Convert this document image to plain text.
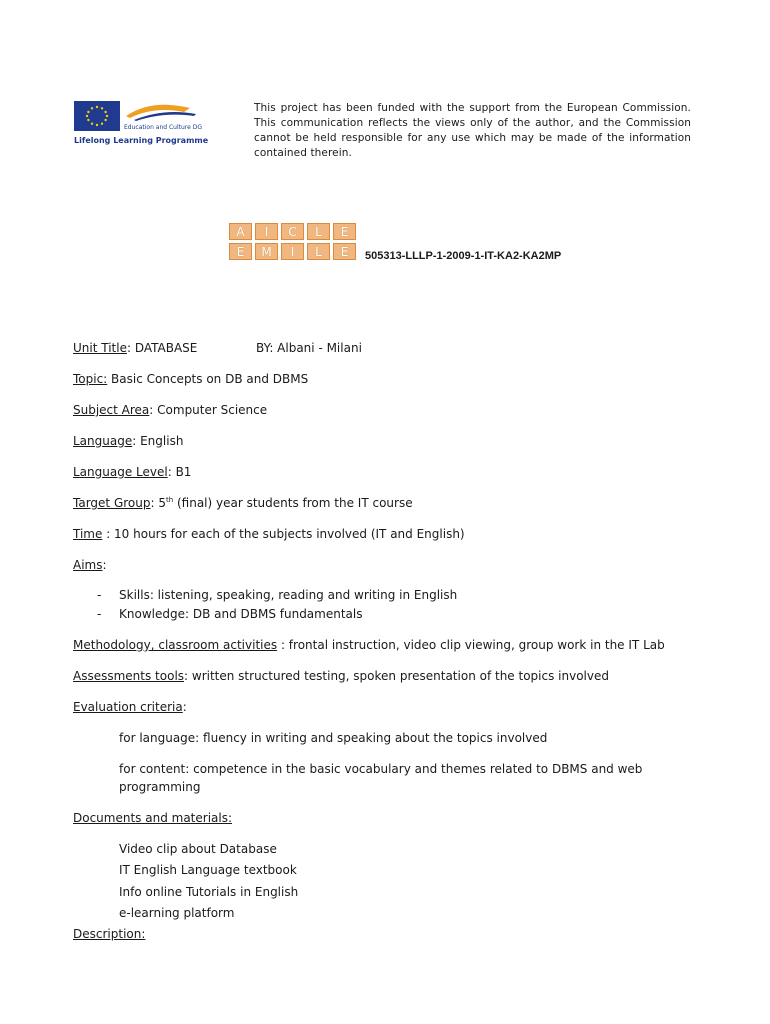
Education and Culture DG
Lifelong Learning Programme
This project has been funded with the support from the European Commission. This communication reflects the views only of the author, and the Commission cannot be held responsible for any use which may be made of the information contained therein.
A	I	C	L	E
E	M	I	L	E	505313-LLLP-1-2009-1-IT-KA2-KA2MP
Unit Title: DATABASE	BY: Albani - Milani
Topic: Basic Concepts on DB and DBMS
Subject Area: Computer Science
Language: English
Language Level: B1
Target Group: 5th (final) year students from the IT course
Time : 10 hours for each of the subjects involved (IT and English)
Aims:
- Skills: listening, speaking, reading and writing in English
- Knowledge: DB and DBMS fundamentals
Methodology, classroom activities : frontal instruction, video clip viewing, group work in the IT Lab
Assessments tools: written structured testing, spoken presentation of the topics involved
Evaluation criteria:
for language: fluency in writing and speaking about the topics involved
for content: competence in the basic vocabulary and themes related to DBMS and web
programming
Documents and materials:
Video clip about Database
IT English Language textbook
Info online Tutorials in English
e-learning platform
Description:
